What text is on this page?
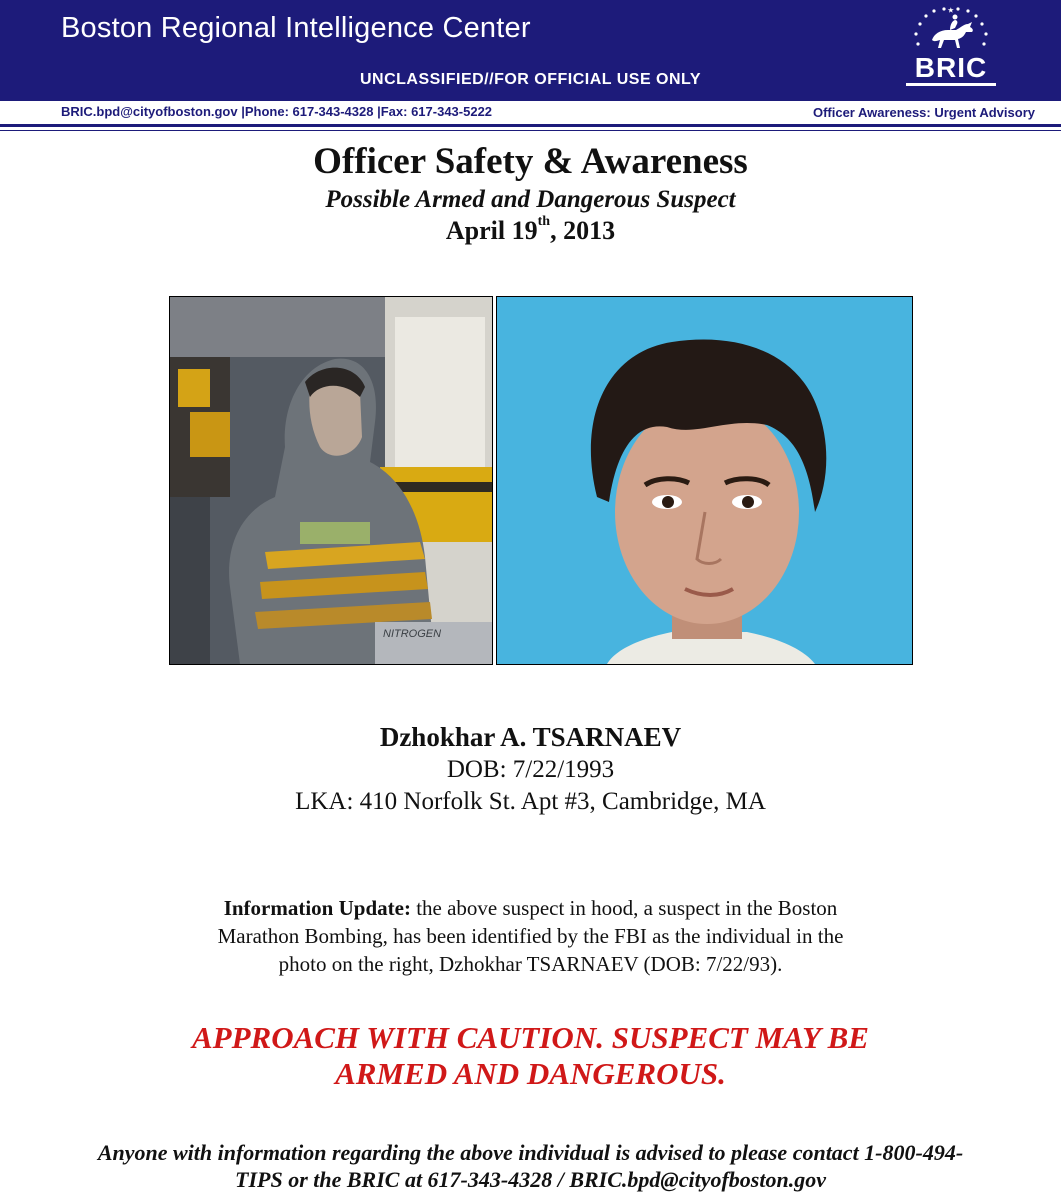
Boston Regional Intelligence Center
UNCLASSIFIED//FOR OFFICIAL USE ONLY	BRIC
BRIC.bpd@cityofboston.gov |Phone: 617-343-4328 |Fax: 617-343-5222	Officer Awareness: Urgent Advisory
Officer Safety & Awareness
Possible Armed and Dangerous Suspect
April 19th, 2013
NITROGEN
Dzhokhar A. TSARNAEV
DOB: 7/22/1993
LKA: 410 Norfolk St. Apt #3, Cambridge, MA
Information Update: the above suspect in hood, a suspect in the Boston
Marathon Bombing, has been identified by the FBI as the individual in the
photo on the right, Dzhokhar TSARNAEV (DOB: 7/22/93).
APPROACH WITH CAUTION. SUSPECT MAY BE
ARMED AND DANGEROUS.
Anyone with information regarding the above individual is advised to please contact 1-800-494-
TIPS or the BRIC at 617-343-4328 / BRIC.bpd@cityofboston.gov
